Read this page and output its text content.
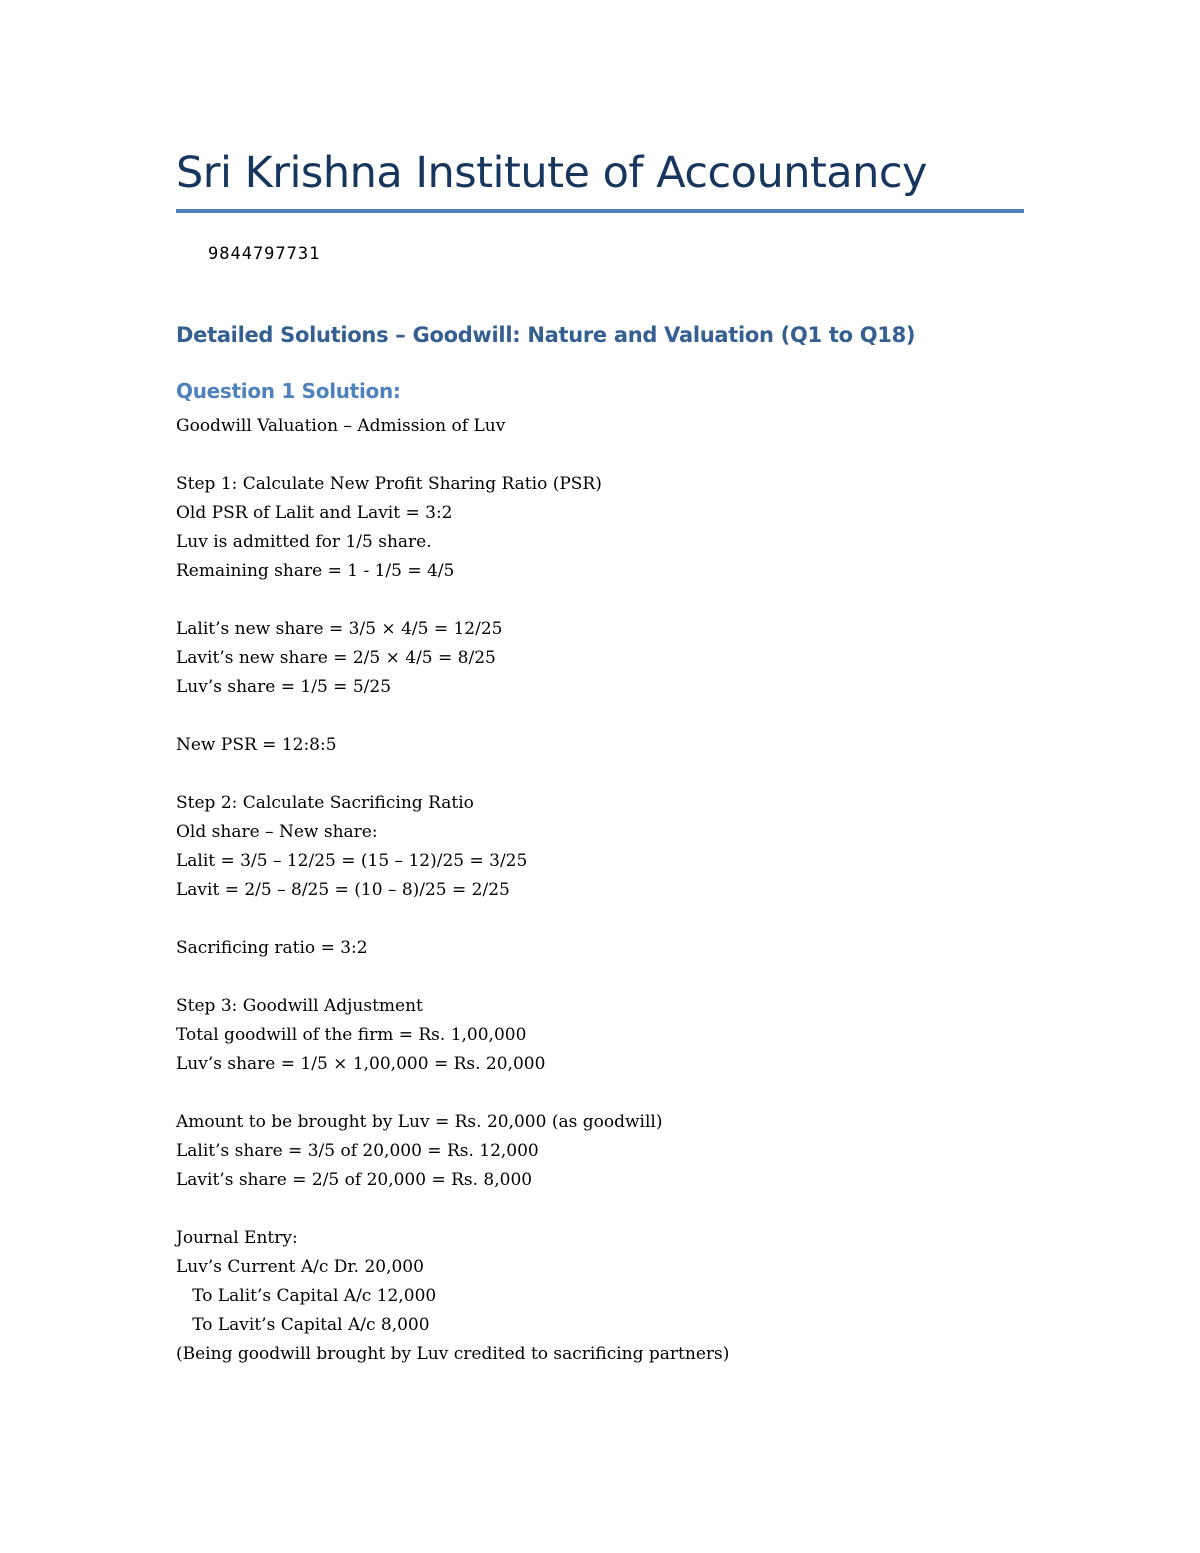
Sri Krishna Institute of Accountancy
9844797731
Detailed Solutions – Goodwill: Nature and Valuation (Q1 to Q18)
Question 1 Solution:
Goodwill Valuation – Admission of Luv
Step 1: Calculate New Profit Sharing Ratio (PSR)
Old PSR of Lalit and Lavit = 3:2
Luv is admitted for 1/5 share.
Remaining share = 1 - 1/5 = 4/5
Lalit’s new share = 3/5 × 4/5 = 12/25
Lavit’s new share = 2/5 × 4/5 = 8/25
Luv’s share = 1/5 = 5/25
New PSR = 12:8:5
Step 2: Calculate Sacrificing Ratio
Old share – New share:
Lalit = 3/5 – 12/25 = (15 – 12)/25 = 3/25
Lavit = 2/5 – 8/25 = (10 – 8)/25 = 2/25
Sacrificing ratio = 3:2
Step 3: Goodwill Adjustment
Total goodwill of the firm = Rs. 1,00,000
Luv’s share = 1/5 × 1,00,000 = Rs. 20,000
Amount to be brought by Luv = Rs. 20,000 (as goodwill)
Lalit’s share = 3/5 of 20,000 = Rs. 12,000
Lavit’s share = 2/5 of 20,000 = Rs. 8,000
Journal Entry:
Luv’s Current A/c Dr. 20,000
To Lalit’s Capital A/c 12,000
To Lavit’s Capital A/c 8,000
(Being goodwill brought by Luv credited to sacrificing partners)
